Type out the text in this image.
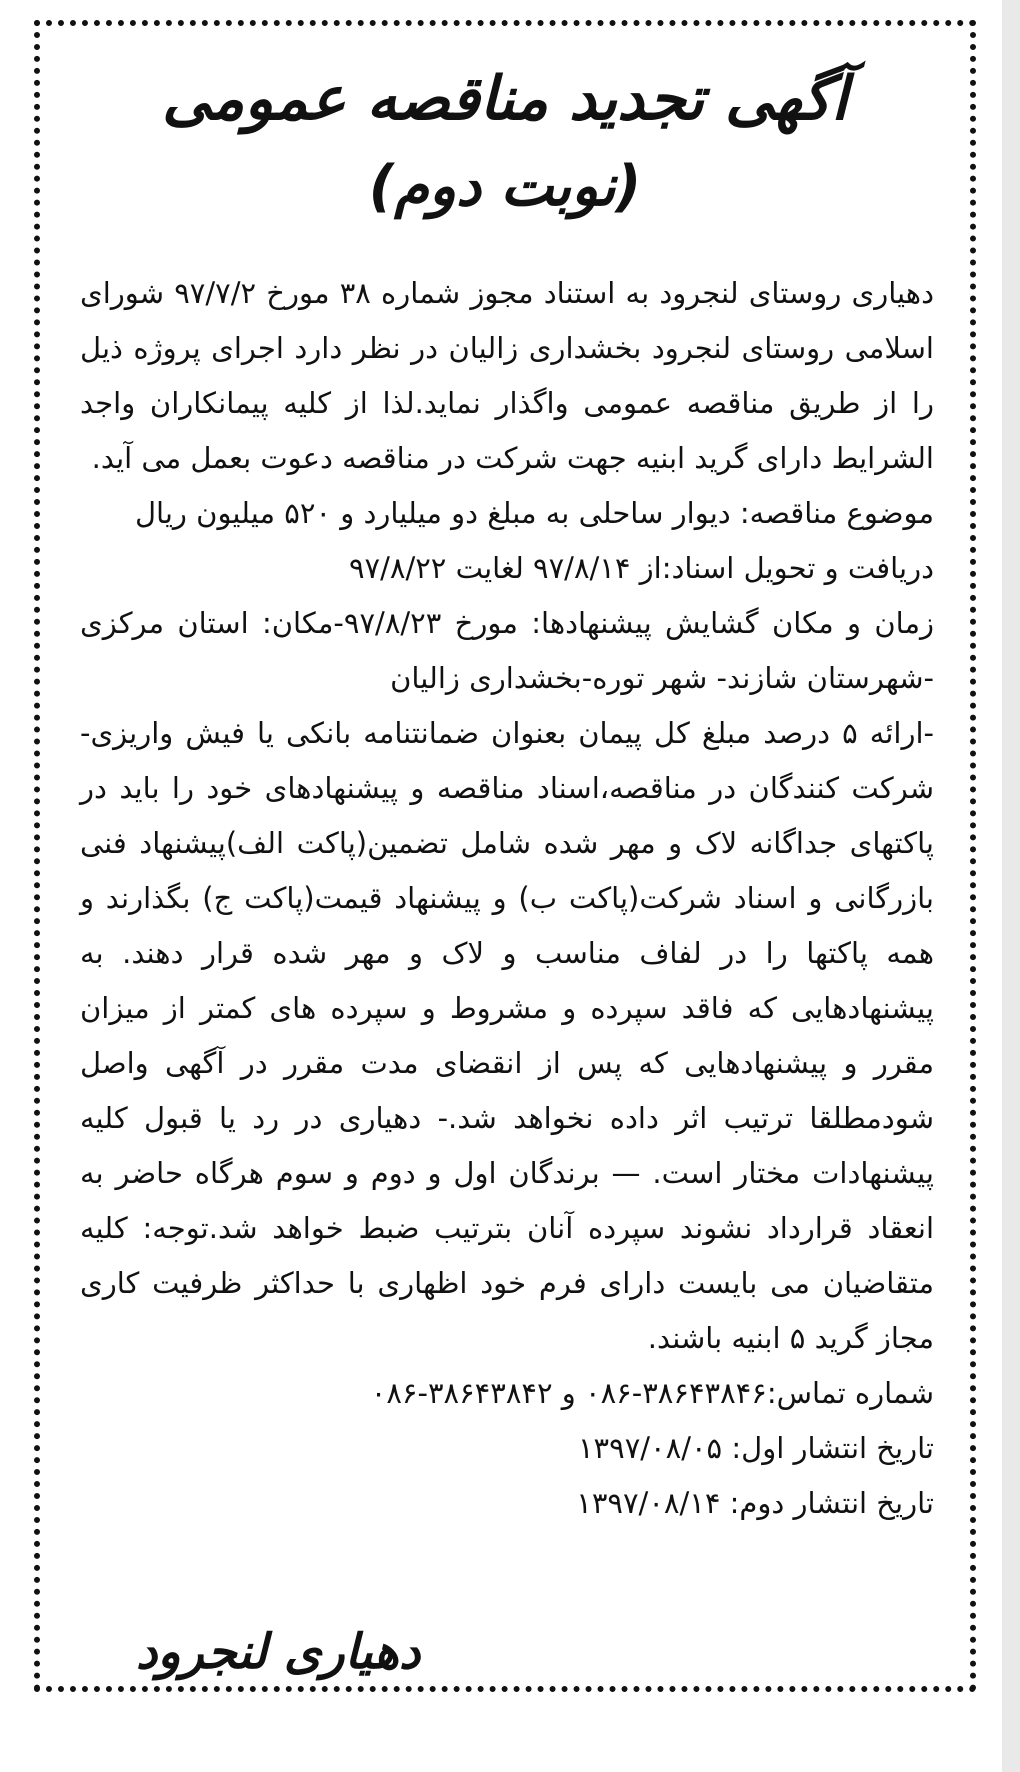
آگهی تجدید مناقصه عمومی
(نوبت دوم)

دهیاری روستای لنجرود به استناد مجوز شماره ۳۸ مورخ ۹۷/۷/۲ شورای اسلامی روستای لنجرود بخشداری زالیان در نظر دارد اجرای پروژه ذیل را از طریق مناقصه عمومی واگذار نماید.لذا از کلیه پیمانکاران واجد الشرایط دارای گرید ابنیه جهت شرکت در مناقصه دعوت بعمل می آید.

موضوع مناقصه: دیوار ساحلی به مبلغ دو میلیارد و ۵۲۰ میلیون ریال

دریافت و تحویل اسناد:از ۹۷/۸/۱۴ لغایت ۹۷/۸/۲۲

زمان و مکان گشایش پیشنهادها: مورخ ۹۷/۸/۲۳-مکان: استان مرکزی -شهرستان شازند- شهر توره-بخشداری زالیان

-ارائه ۵ درصد مبلغ کل پیمان بعنوان ضمانتنامه بانکی یا فیش واریزی- شرکت کنندگان در مناقصه،اسناد مناقصه و پیشنهادهای خود را باید در پاکتهای جداگانه لاک و مهر شده شامل تضمین(پاکت الف)پیشنهاد فنی بازرگانی و اسناد شرکت(پاکت ب) و پیشنهاد قیمت(پاکت ج) بگذارند و همه پاکتها را در لفاف مناسب و لاک و مهر شده قرار دهند. به پیشنهادهایی که فاقد سپرده و مشروط و سپرده های کمتر از میزان مقرر و پیشنهادهایی که پس از انقضای مدت مقرر در آگهی واصل شودمطلقا ترتیب اثر داده نخواهد شد.- دهیاری در رد یا قبول کلیه پیشنهادات مختار است. — برندگان اول و دوم و سوم هرگاه حاضر به انعقاد قرارداد نشوند سپرده آنان بترتیب ضبط خواهد شد.توجه: کلیه متقاضیان می بایست دارای فرم خود اظهاری با حداکثر ظرفیت کاری مجاز گرید ۵ ابنیه باشند.

شماره تماس:۳۸۶۴۳۸۴۶-۰۸۶ و ۳۸۶۴۳۸۴۲-۰۸۶

تاریخ انتشار اول: ۱۳۹۷/۰۸/۰۵

تاریخ انتشار دوم: ۱۳۹۷/۰۸/۱۴

دهیاری لنجرود
